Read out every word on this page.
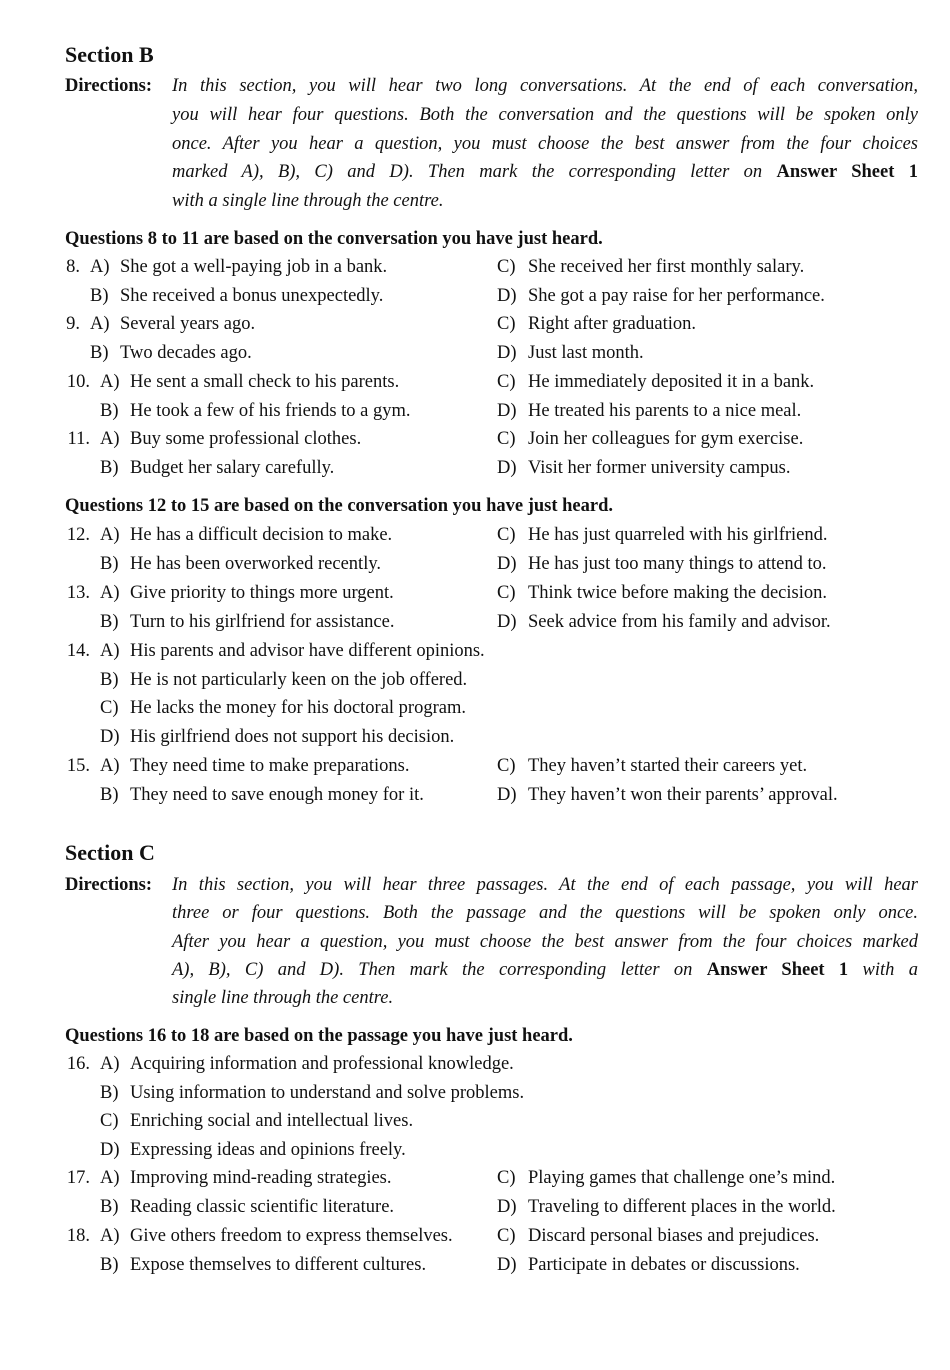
Section B
Directions: In this section, you will hear two long conversations. At the end of each conversation,
you will hear four questions. Both the conversation and the questions will be spoken only
once. After you hear a question, you must choose the best answer from the four choices
marked A), B), C) and D). Then mark the corresponding letter on Answer Sheet 1
with a single line through the centre.
Questions 8 to 11 are based on the conversation you have just heard.
8. A) She got a well-paying job in a bank.	C) She received her first monthly salary.
B) She received a bonus unexpectedly.	D) She got a pay raise for her performance.
9. A) Several years ago.	C) Right after graduation.
B) Two decades ago.	D) Just last month.
10. A) He sent a small check to his parents.	C) He immediately deposited it in a bank.
B) He took a few of his friends to a gym.	D) He treated his parents to a nice meal.
11. A) Buy some professional clothes.	C) Join her colleagues for gym exercise.
B) Budget her salary carefully.	D) Visit her former university campus.
Questions 12 to 15 are based on the conversation you have just heard.
12. A) He has a difficult decision to make.	C) He has just quarreled with his girlfriend.
B) He has been overworked recently.	D) He has just too many things to attend to.
13. A) Give priority to things more urgent.	C) Think twice before making the decision.
B) Turn to his girlfriend for assistance.	D) Seek advice from his family and advisor.
14. A) His parents and advisor have different opinions.
B) He is not particularly keen on the job offered.
C) He lacks the money for his doctoral program.
D) His girlfriend does not support his decision.
15. A) They need time to make preparations.	C) They haven’t started their careers yet.
B) They need to save enough money for it.	D) They haven’t won their parents’ approval.
Section C
Directions: In this section, you will hear three passages. At the end of each passage, you will hear
three or four questions. Both the passage and the questions will be spoken only once.
After you hear a question, you must choose the best answer from the four choices marked
A), B), C) and D). Then mark the corresponding letter on Answer Sheet 1 with a
single line through the centre.
Questions 16 to 18 are based on the passage you have just heard.
16. A) Acquiring information and professional knowledge.
B) Using information to understand and solve problems.
C) Enriching social and intellectual lives.
D) Expressing ideas and opinions freely.
17. A) Improving mind-reading strategies.	C) Playing games that challenge one’s mind.
B) Reading classic scientific literature.	D) Traveling to different places in the world.
18. A) Give others freedom to express themselves. C) Discard personal biases and prejudices.
B) Expose themselves to different cultures.	D) Participate in debates or discussions.
